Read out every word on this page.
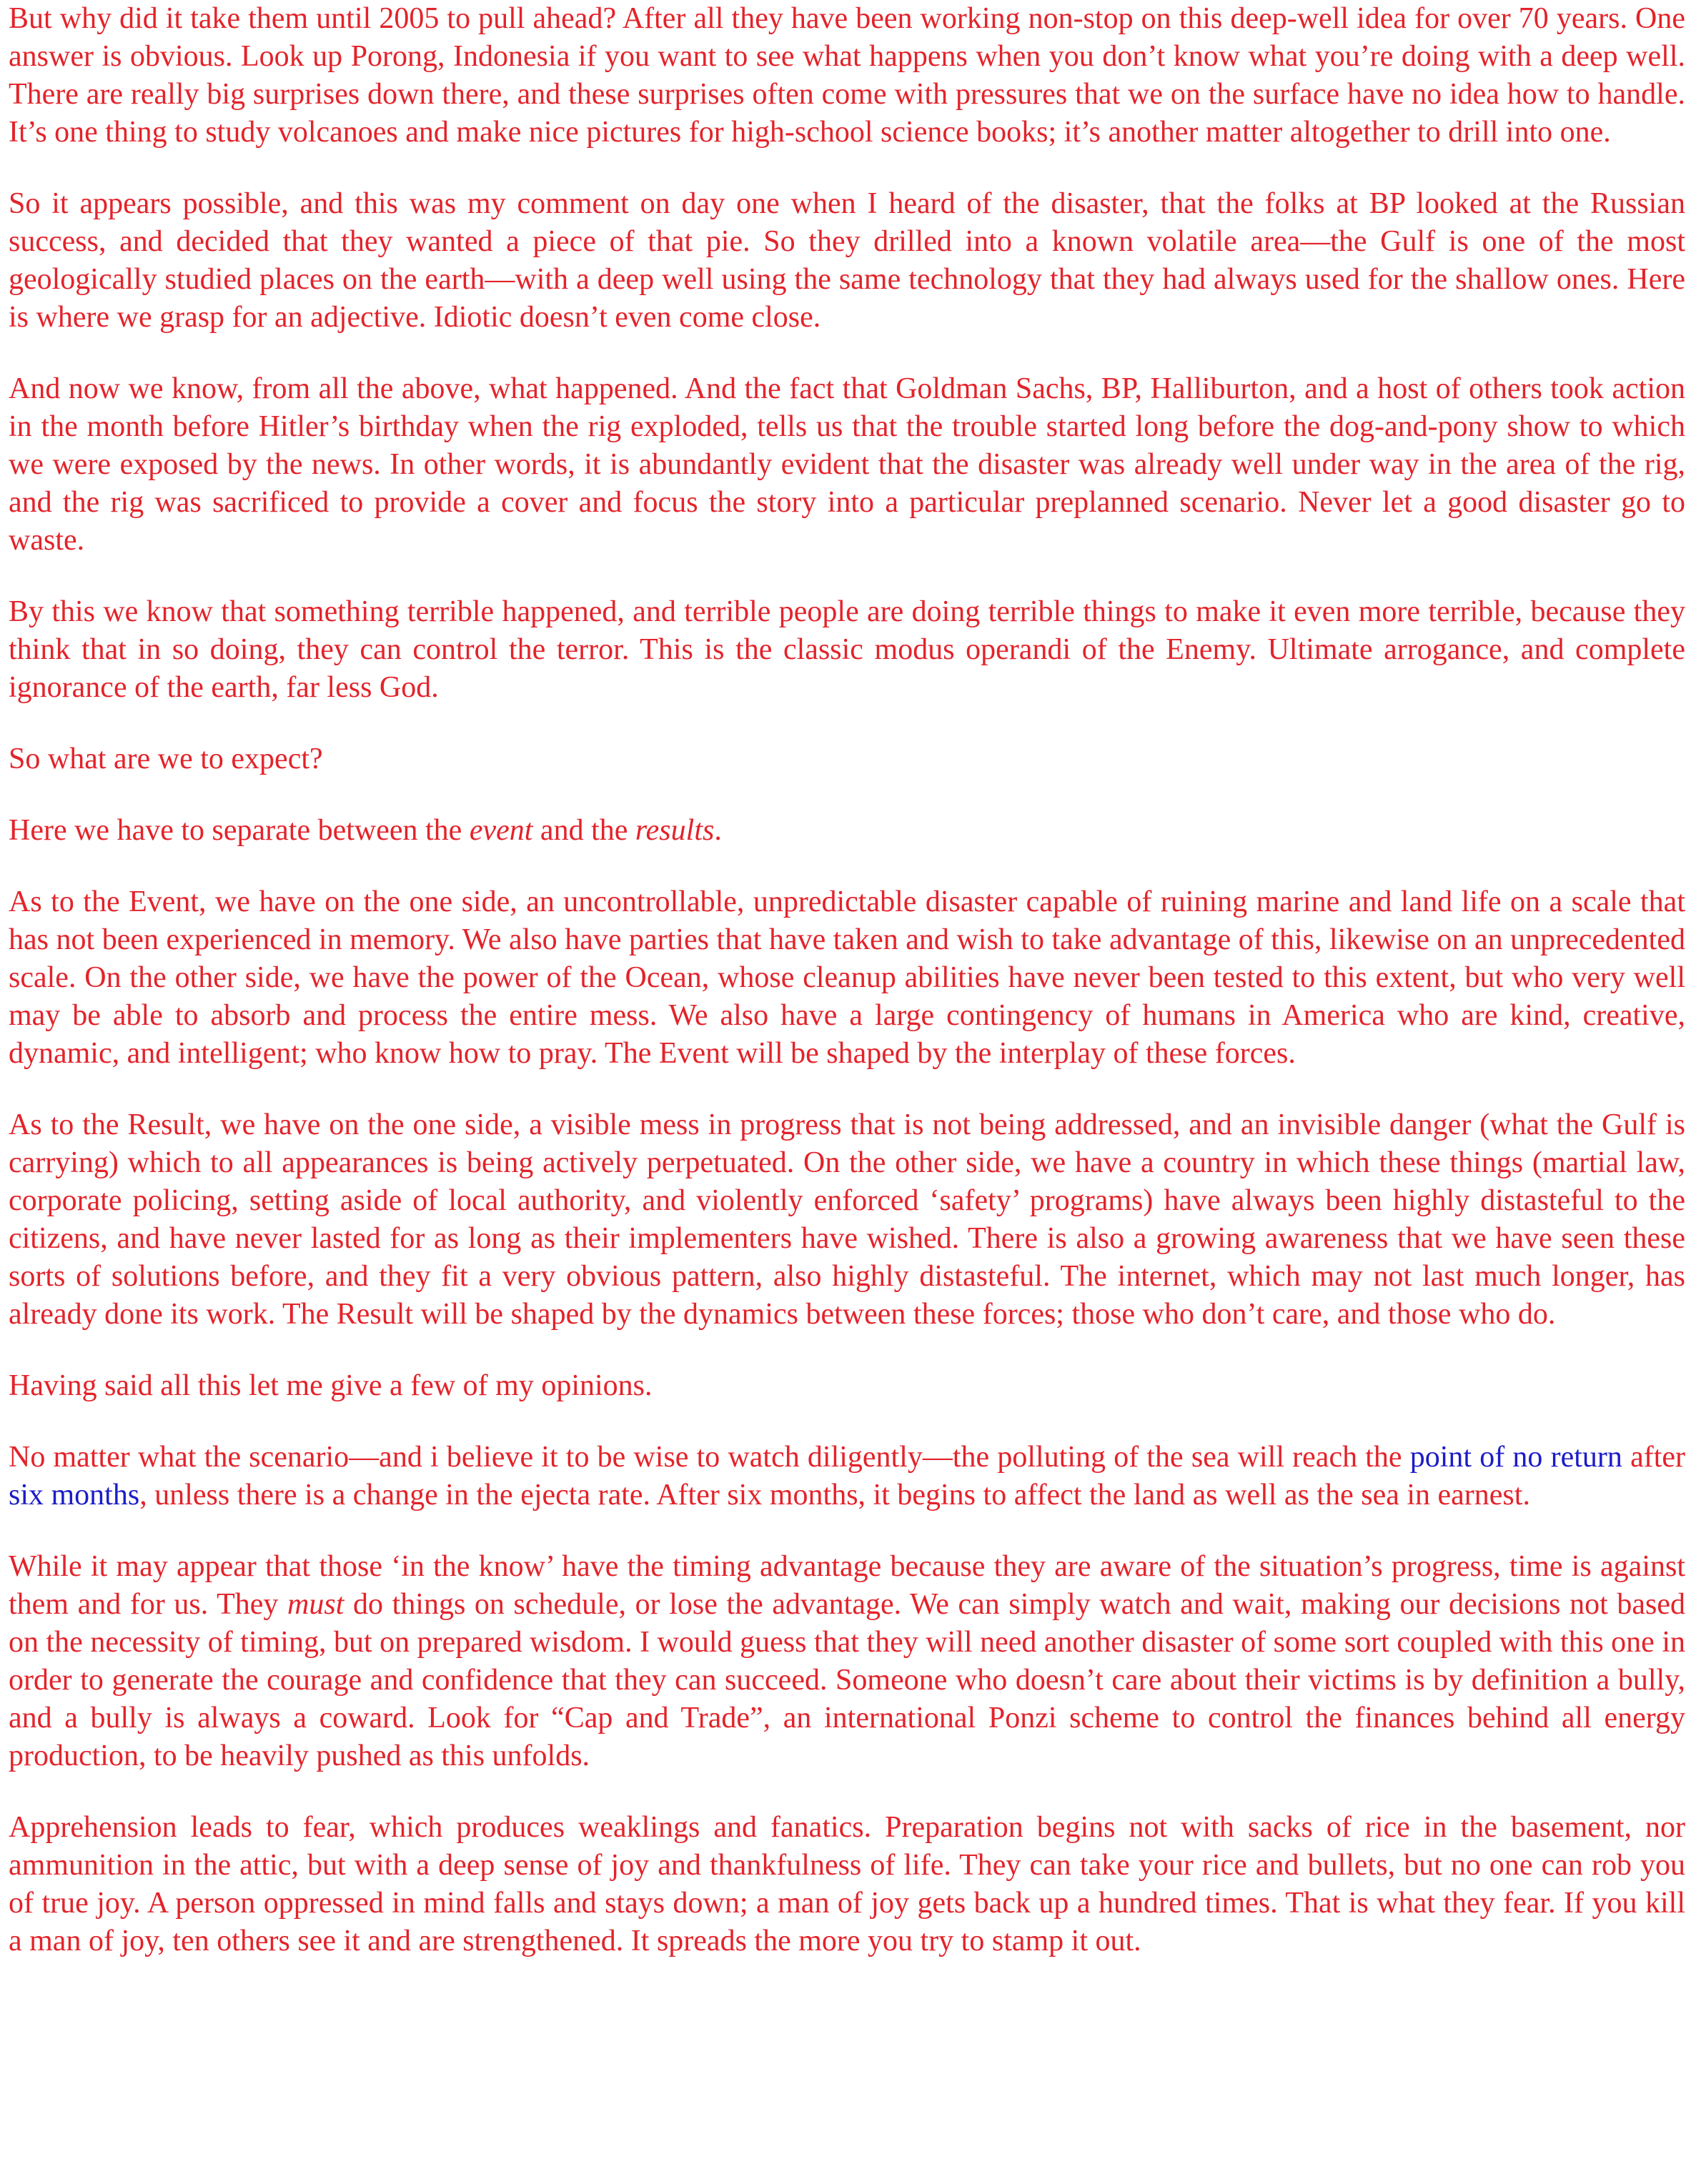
But why did it take them until 2005 to pull ahead? After all they have been working non-stop on this deep-well idea for over 70 years. One answer is obvious. Look up Porong, Indonesia if you want to see what happens when you don’t know what you’re doing with a deep well. There are really big surprises down there, and these surprises often come with pressures that we on the surface have no idea how to handle. It’s one thing to study volcanoes and make nice pictures for high-school science books; it’s another matter altogether to drill into one.

So it appears possible, and this was my comment on day one when I heard of the disaster, that the folks at BP looked at the Russian success, and decided that they wanted a piece of that pie. So they drilled into a known volatile area—the Gulf is one of the most geologically studied places on the earth—with a deep well using the same technology that they had always used for the shallow ones. Here is where we grasp for an adjective. Idiotic doesn’t even come close.

And now we know, from all the above, what happened. And the fact that Goldman Sachs, BP, Halliburton, and a host of others took action in the month before Hitler’s birthday when the rig exploded, tells us that the trouble started long before the dog-and-pony show to which we were exposed by the news. In other words, it is abundantly evident that the disaster was already well under way in the area of the rig, and the rig was sacrificed to provide a cover and focus the story into a particular preplanned scenario. Never let a good disaster go to waste.

By this we know that something terrible happened, and terrible people are doing terrible things to make it even more terrible, because they think that in so doing, they can control the terror. This is the classic modus operandi of the Enemy. Ultimate arrogance, and complete ignorance of the earth, far less God.

So what are we to expect?

Here we have to separate between the event and the results.

As to the Event, we have on the one side, an uncontrollable, unpredictable disaster capable of ruining marine and land life on a scale that has not been experienced in memory. We also have parties that have taken and wish to take advantage of this, likewise on an unprecedented scale. On the other side, we have the power of the Ocean, whose cleanup abilities have never been tested to this extent, but who very well may be able to absorb and process the entire mess. We also have a large contingency of humans in America who are kind, creative, dynamic, and intelligent; who know how to pray. The Event will be shaped by the interplay of these forces.

As to the Result, we have on the one side, a visible mess in progress that is not being addressed, and an invisible danger (what the Gulf is carrying) which to all appearances is being actively perpetuated. On the other side, we have a country in which these things (martial law, corporate policing, setting aside of local authority, and violently enforced ‘safety’ programs) have always been highly distasteful to the citizens, and have never lasted for as long as their implementers have wished. There is also a growing awareness that we have seen these sorts of solutions before, and they fit a very obvious pattern, also highly distasteful. The internet, which may not last much longer, has already done its work. The Result will be shaped by the dynamics between these forces; those who don’t care, and those who do.

Having said all this let me give a few of my opinions.

No matter what the scenario—and i believe it to be wise to watch diligently—the polluting of the sea will reach the point of no return after six months, unless there is a change in the ejecta rate. After six months, it begins to affect the land as well as the sea in earnest.

While it may appear that those ‘in the know’ have the timing advantage because they are aware of the situation’s progress, time is against them and for us. They must do things on schedule, or lose the advantage. We can simply watch and wait, making our decisions not based on the necessity of timing, but on prepared wisdom. I would guess that they will need another disaster of some sort coupled with this one in order to generate the courage and confidence that they can succeed. Someone who doesn’t care about their victims is by definition a bully, and a bully is always a coward. Look for “Cap and Trade”, an international Ponzi scheme to control the finances behind all energy production, to be heavily pushed as this unfolds.

Apprehension leads to fear, which produces weaklings and fanatics. Preparation begins not with sacks of rice in the basement, nor ammunition in the attic, but with a deep sense of joy and thankfulness of life. They can take your rice and bullets, but no one can rob you of true joy. A person oppressed in mind falls and stays down; a man of joy gets back up a hundred times. That is what they fear. If you kill a man of joy, ten others see it and are strengthened. It spreads the more you try to stamp it out.
